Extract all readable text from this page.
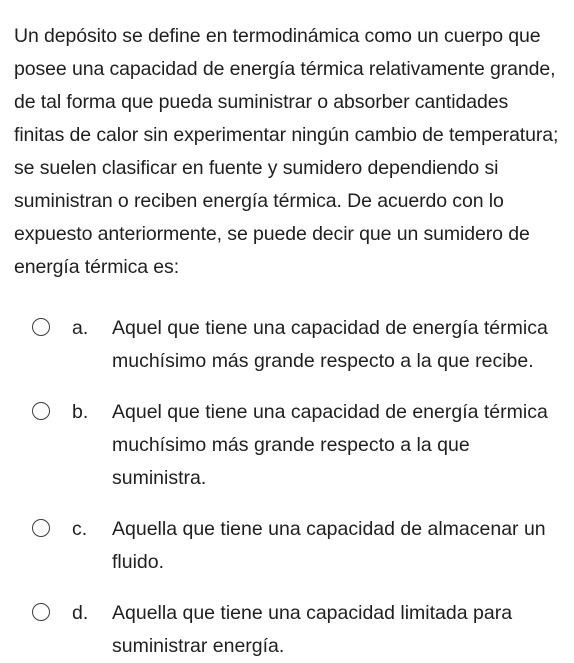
Un depósito se define en termodinámica como un cuerpo que posee una capacidad de energía térmica relativamente grande, de tal forma que pueda suministrar o absorber cantidades finitas de calor sin experimentar ningún cambio de temperatura; se suelen clasificar en fuente y sumidero dependiendo si suministran o reciben energía térmica. De acuerdo con lo expuesto anteriormente, se puede decir que un sumidero de energía térmica es:

a.	Aquel que tiene una capacidad de energía térmica muchísimo más grande respecto a la que recibe.
b.	Aquel que tiene una capacidad de energía térmica muchísimo más grande respecto a la que suministra.
c.	Aquella que tiene una capacidad de almacenar un fluido.
d.	Aquella que tiene una capacidad limitada para suministrar energía.
